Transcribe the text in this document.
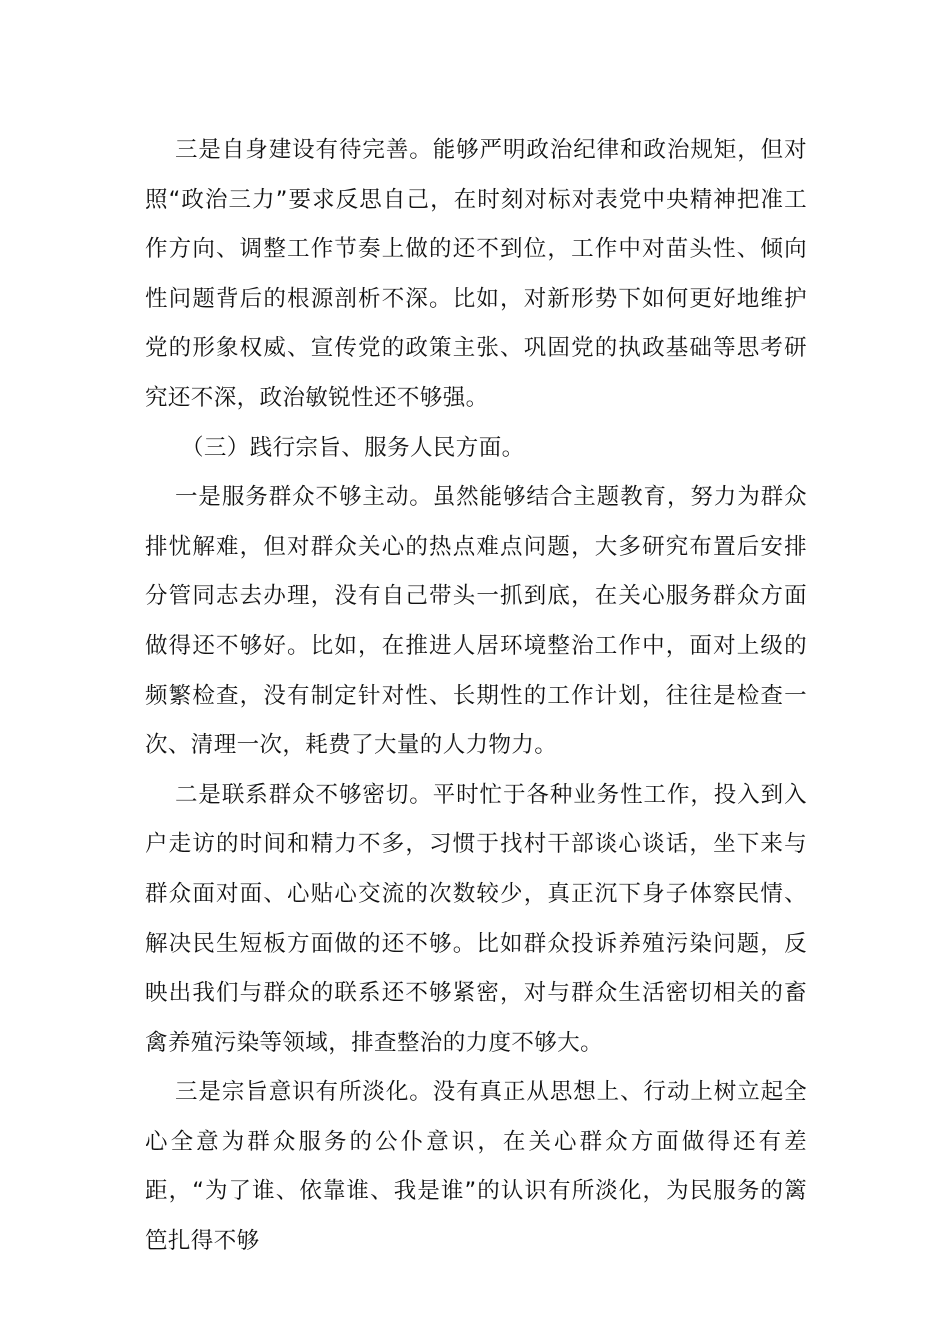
三是自身建设有待完善。能够严明政治纪律和政治规矩，但对照“政治三力”要求反思自己，在时刻对标对表党中央精神把准工作方向、调整工作节奏上做的还不到位，工作中对苗头性、倾向性问题背后的根源剖析不深。比如，对新形势下如何更好地维护党的形象权威、宣传党的政策主张、巩固党的执政基础等思考研究还不深，政治敏锐性还不够强。

（三）践行宗旨、服务人民方面。

一是服务群众不够主动。虽然能够结合主题教育，努力为群众排忧解难，但对群众关心的热点难点问题，大多研究布置后安排分管同志去办理，没有自己带头一抓到底，在关心服务群众方面做得还不够好。比如，在推进人居环境整治工作中，面对上级的频繁检查，没有制定针对性、长期性的工作计划，往往是检查一次、清理一次，耗费了大量的人力物力。

二是联系群众不够密切。平时忙于各种业务性工作，投入到入户走访的时间和精力不多，习惯于找村干部谈心谈话，坐下来与群众面对面、心贴心交流的次数较少，真正沉下身子体察民情、解决民生短板方面做的还不够。比如群众投诉养殖污染问题，反映出我们与群众的联系还不够紧密，对与群众生活密切相关的畜禽养殖污染等领域，排查整治的力度不够大。

三是宗旨意识有所淡化。没有真正从思想上、行动上树立起全心全意为群众服务的公仆意识，在关心群众方面做得还有差距，“为了谁、依靠谁、我是谁”的认识有所淡化，为民服务的篱笆扎得不够
